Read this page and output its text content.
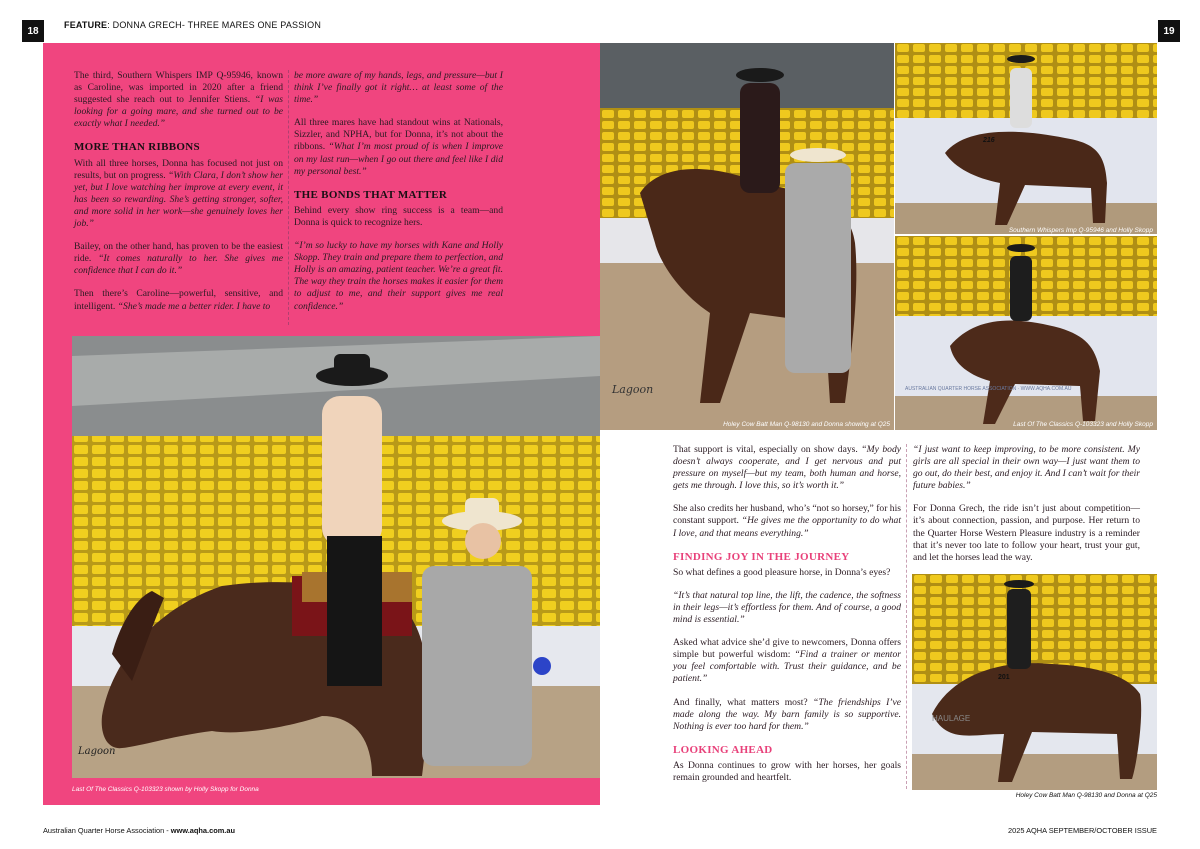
18	19
FEATURE: DONNA GRECH- THREE MARES ONE PASSION

The third, Southern Whispers IMP Q-95946, known as Caroline, was imported in 2020 after a friend suggested she reach out to Jennifer Stiens. “I was looking for a going mare, and she turned out to be exactly what I needed.”

MORE THAN RIBBONS

With all three horses, Donna has focused not just on results, but on progress. “With Clara, I don’t show her yet, but I love watching her improve at every event, it has been so rewarding. She’s getting stronger, softer, and more solid in her work—she genuinely loves her job.”

Bailey, on the other hand, has proven to be the easiest ride. “It comes naturally to her. She gives me confidence that I can do it.”

Then there’s Caroline—powerful, sensitive, and intelligent. “She’s made me a better rider. I have to

be more aware of my hands, legs, and pressure—but I think I’ve finally got it right… at least some of the time.”

All three mares have had standout wins at Nationals, Sizzler, and NPHA, but for Donna, it’s not about the ribbons. “What I’m most proud of is when I improve on my last run—when I go out there and feel like I did my personal best.”

THE BONDS THAT MATTER

Behind every show ring success is a team—and Donna is quick to recognize hers.

“I’m so lucky to have my horses with Kane and Holly Skopp. They train and prepare them to perfection, and Holly is an amazing, patient teacher. We’re a great fit. The way they train the horses makes it easier for them to adjust to me, and their support gives me real confidence.”

Lagoon
Last Of The Classics Q-103323 shown by Holly Skopp for Donna
Lagoon
Holey Cow Batt Man Q-98130 and Donna showing at Q25
216
Southern Whispers Imp Q-95946 and Holly Skopp
AUSTRALIAN QUARTER HORSE ASSOCIATION · WWW.AQHA.COM.AU
Last Of The Classics Q-103323 and Holly Skopp

That support is vital, especially on show days. “My body doesn’t always cooperate, and I get nervous and put pressure on myself—but my team, both human and horse, gets me through. I love this, so it’s worth it.”

She also credits her husband, who’s “not so horsey,” for his constant support. “He gives me the opportunity to do what I love, and that means everything.”

FINDING JOY IN THE JOURNEY

So what defines a good pleasure horse, in Donna’s eyes?

“It’s that natural top line, the lift, the cadence, the softness in their legs—it’s effortless for them. And of course, a good mind is essential.”

Asked what advice she’d give to newcomers, Donna offers simple but powerful wisdom: “Find a trainer or mentor you feel comfortable with. Trust their guidance, and be patient.”

And finally, what matters most? “The friendships I’ve made along the way. My barn family is so supportive. Nothing is ever too hard for them.”

LOOKING AHEAD

As Donna continues to grow with her horses, her goals remain grounded and heartfelt.

“I just want to keep improving, to be more consistent. My girls are all special in their own way—I just want them to go out, do their best, and enjoy it. And I can’t wait for their future babies.”

For Donna Grech, the ride isn’t just about competition—it’s about connection, passion, and purpose. Her return to the Quarter Horse Western Pleasure industry is a reminder that it’s never too late to follow your heart, trust your gut, and let the horses lead the way.

201
HAULAGE
Holey Cow Batt Man Q-98130 and Donna at Q25
Australian Quarter Horse Association - www.aqha.com.au	2025 AQHA SEPTEMBER/OCTOBER ISSUE
